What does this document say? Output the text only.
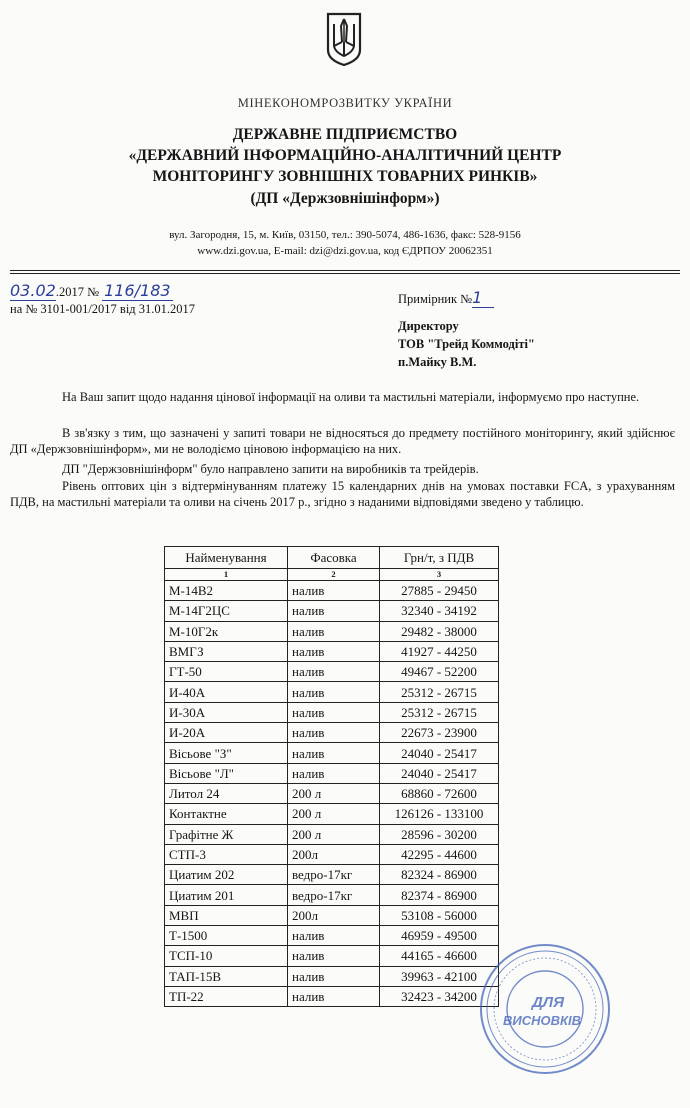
МІНЕКОНОМРОЗВИТКУ УКРАЇНИ
ДЕРЖАВНЕ ПІДПРИЄМСТВО
«ДЕРЖАВНИЙ ІНФОРМАЦІЙНО-АНАЛІТИЧНИЙ ЦЕНТР
МОНІТОРИНГУ ЗОВНІШНІХ ТОВАРНИХ РИНКІВ»
(ДП «Держзовнішінформ»)
вул. Загородня, 15, м. Київ, 03150, тел.: 390-5074, 486-1636, факс: 528-9156
www.dzi.gov.ua, E-mail: dzi@dzi.gov.ua, код ЄДРПОУ 20062351
03.02.2017 № 116/183
на № 3101-001/2017 від 31.01.2017
Примірник №1
Директору
ТОВ "Трейд Коммодіті"
п.Майку В.М.
На Ваш запит щодо надання цінової інформації на оливи та мастильні матеріали, інформуємо про наступне.
В зв'язку з тим, що зазначені у запиті товари не відносяться до предмету постійного моніторингу, який здійснює ДП «Держзовнішінформ», ми не володіємо ціновою інформацією на них.
ДП "Держзовнішінформ" було направлено запити на виробників та трейдерів.
Рівень оптових цін з відтермінуванням платежу 15 календарних днів на умовах поставки FCA, з урахуванням ПДВ, на мастильні матеріали та оливи на січень 2017 р., згідно з наданими відповідями зведено у таблицю.
Найменування	Фасовка	Грн/т, з ПДВ
1	2	3
М-14В2	налив	27885 - 29450
М-14Г2ЦС	налив	32340 - 34192
М-10Г2к	налив	29482 - 38000
ВМГЗ	налив	41927 - 44250
ГТ-50	налив	49467 - 52200
И-40А	налив	25312 - 26715
И-30А	налив	25312 - 26715
И-20А	налив	22673 - 23900
Вісьове "З"	налив	24040 - 25417
Вісьове "Л"	налив	24040 - 25417
Литол 24	200 л	68860 - 72600
Контактне	200 л	126126 - 133100
Графітне Ж	200 л	28596 - 30200
СТП-3	200л	42295 - 44600
Циатим 202	ведро-17кг	82324 - 86900
Циатим 201	ведро-17кг	82374 - 86900
МВП	200л	53108 - 56000
Т-1500	налив	46959 - 49500
ТСП-10	налив	44165 - 46600
ТАП-15В	налив	39963 - 42100
ТП-22	налив	32423 - 34200	ДЛЯ
ВИСНОВКІВ
